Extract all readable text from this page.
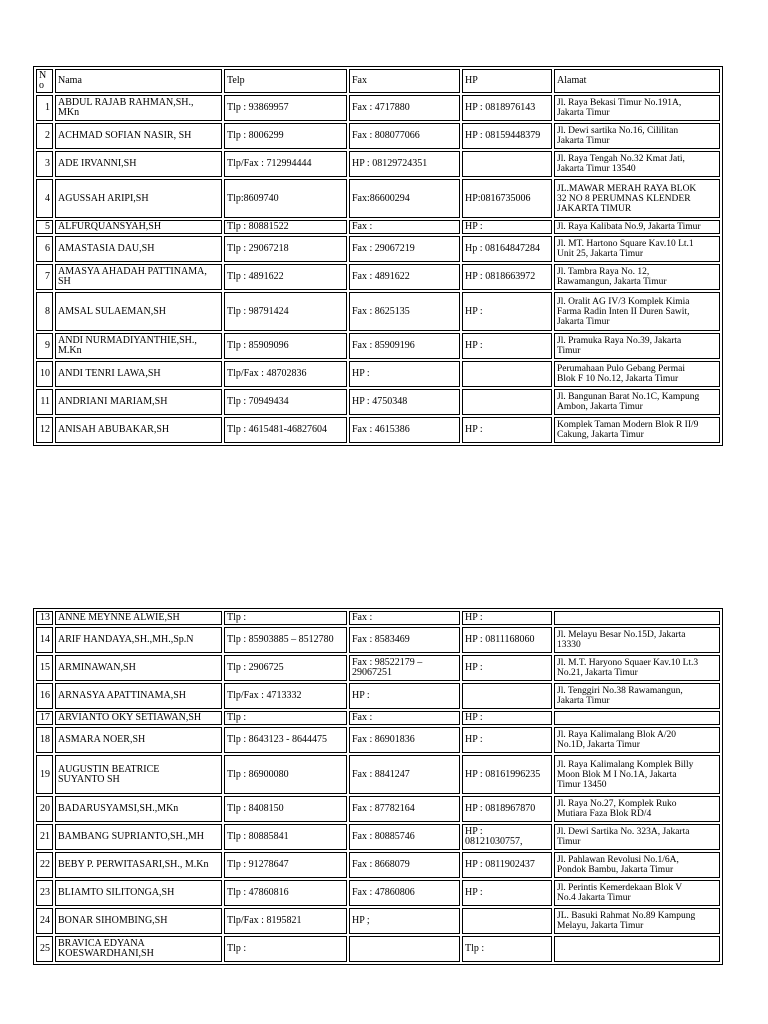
No	Nama	Telp	Fax	HP	Alamat
1	ABDUL RAJAB RAHMAN,SH.,
MKn	Tlp : 93869957	Fax : 4717880	HP : 0818976143	Jl. Raya Bekasi Timur No.191A,
Jakarta Timur
2	ACHMAD SOFIAN NASIR, SH	Tlp : 8006299	Fax : 808077066	HP : 08159448379	Jl. Dewi sartika No.16, Cililitan
Jakarta Timur
3	ADE IRVANNI,SH	Tlp/Fax : 712994444	HP : 08129724351		Jl. Raya Tengah No.32 Kmat Jati,
Jakarta Timur 13540
4	AGUSSAH ARIPI,SH	Tlp:8609740	Fax:86600294	HP:0816735006	JL.MAWAR MERAH RAYA BLOK
32 NO 8 PERUMNAS KLENDER
JAKARTA TIMUR
5	ALFURQUANSYAH,SH	Tlp : 80881522	Fax :	HP :	Jl. Raya Kalibata No.9, Jakarta Timur
6	AMASTASIA DAU,SH	Tlp : 29067218	Fax : 29067219	Hp : 08164847284	Jl. MT. Hartono Square Kav.10 Lt.1
Unit 25, Jakarta Timur
7	AMASYA AHADAH PATTINAMA,
SH	Tlp : 4891622	Fax : 4891622	HP : 0818663972	Jl. Tambra Raya No. 12,
Rawamangun, Jakarta Timur
8	AMSAL SULAEMAN,SH	Tlp : 98791424	Fax : 8625135	HP :	Jl. Oralit AG IV/3 Komplek Kimia
Farma Radin Inten II Duren Sawit,
Jakarta Timur
9	ANDI NURMADIYANTHIE,SH.,
M.Kn	Tlp : 85909096	Fax : 85909196	HP :	Jl. Pramuka Raya No.39, Jakarta
Timur
10	ANDI TENRI LAWA,SH	Tlp/Fax : 48702836	HP :		Perumahaan Pulo Gebang Permai
Blok F 10 No.12, Jakarta Timur
11	ANDRIANI MARIAM,SH	Tlp : 70949434	HP : 4750348		Jl. Bangunan Barat No.1C, Kampung
Ambon, Jakarta Timur
12	ANISAH ABUBAKAR,SH	Tlp : 4615481-46827604	Fax : 4615386	HP :	Komplek Taman Modern Blok R II/9
Cakung, Jakarta Timur
13	ANNE MEYNNE ALWIE,SH	Tlp :	Fax :	HP :	
14	ARIF HANDAYA,SH.,MH.,Sp.N	Tlp : 85903885 – 8512780	Fax : 8583469	HP : 0811168060	Jl. Melayu Besar No.15D, Jakarta
13330
15	ARMINAWAN,SH	Tlp : 2906725	Fax : 98522179 –
29067251	HP :	Jl. M.T. Haryono Squaer Kav.10 Lt.3
No.21, Jakarta Timur
16	ARNASYA APATTINAMA,SH	Tlp/Fax : 4713332	HP :		Jl. Tenggiri No.38 Rawamangun,
Jakarta Timur
17	ARVIANTO OKY SETIAWAN,SH	Tlp :	Fax :	HP :	
18	ASMARA NOER,SH	Tlp : 8643123 - 8644475	Fax : 86901836	HP :	Jl. Raya Kalimalang Blok A/20
No.1D, Jakarta Timur
19	AUGUSTIN BEATRICE
SUYANTO SH	Tlp : 86900080	Fax : 8841247	HP : 08161996235	Jl. Raya Kalimalang Komplek Billy
Moon Blok M I No.1A, Jakarta
Timur 13450
20	BADARUSYAMSI,SH.,MKn	Tlp : 8408150	Fax : 87782164	HP : 0818967870	Jl. Raya No.27, Komplek Ruko
Mutiara Faza Blok RD/4
21	BAMBANG SUPRIANTO,SH.,MH	Tlp : 80885841	Fax : 80885746	HP :
08121030757,	Jl. Dewi Sartika No. 323A, Jakarta
Timur
22	BEBY P. PERWITASARI,SH., M.Kn	Tlp : 91278647	Fax : 8668079	HP : 0811902437	Jl. Pahlawan Revolusi No.1/6A,
Pondok Bambu, Jakarta Timur
23	BLIAMTO SILITONGA,SH	Tlp : 47860816	Fax : 47860806	HP :	Jl. Perintis Kemerdekaan Blok V
No.4 Jakarta Timur
24	BONAR SIHOMBING,SH	Tlp/Fax : 8195821	HP ;		JL. Basuki Rahmat No.89 Kampung
Melayu, Jakarta Timur
25	BRAVICA EDYANA
KOESWARDHANI,SH	Tlp :		Tlp :	
